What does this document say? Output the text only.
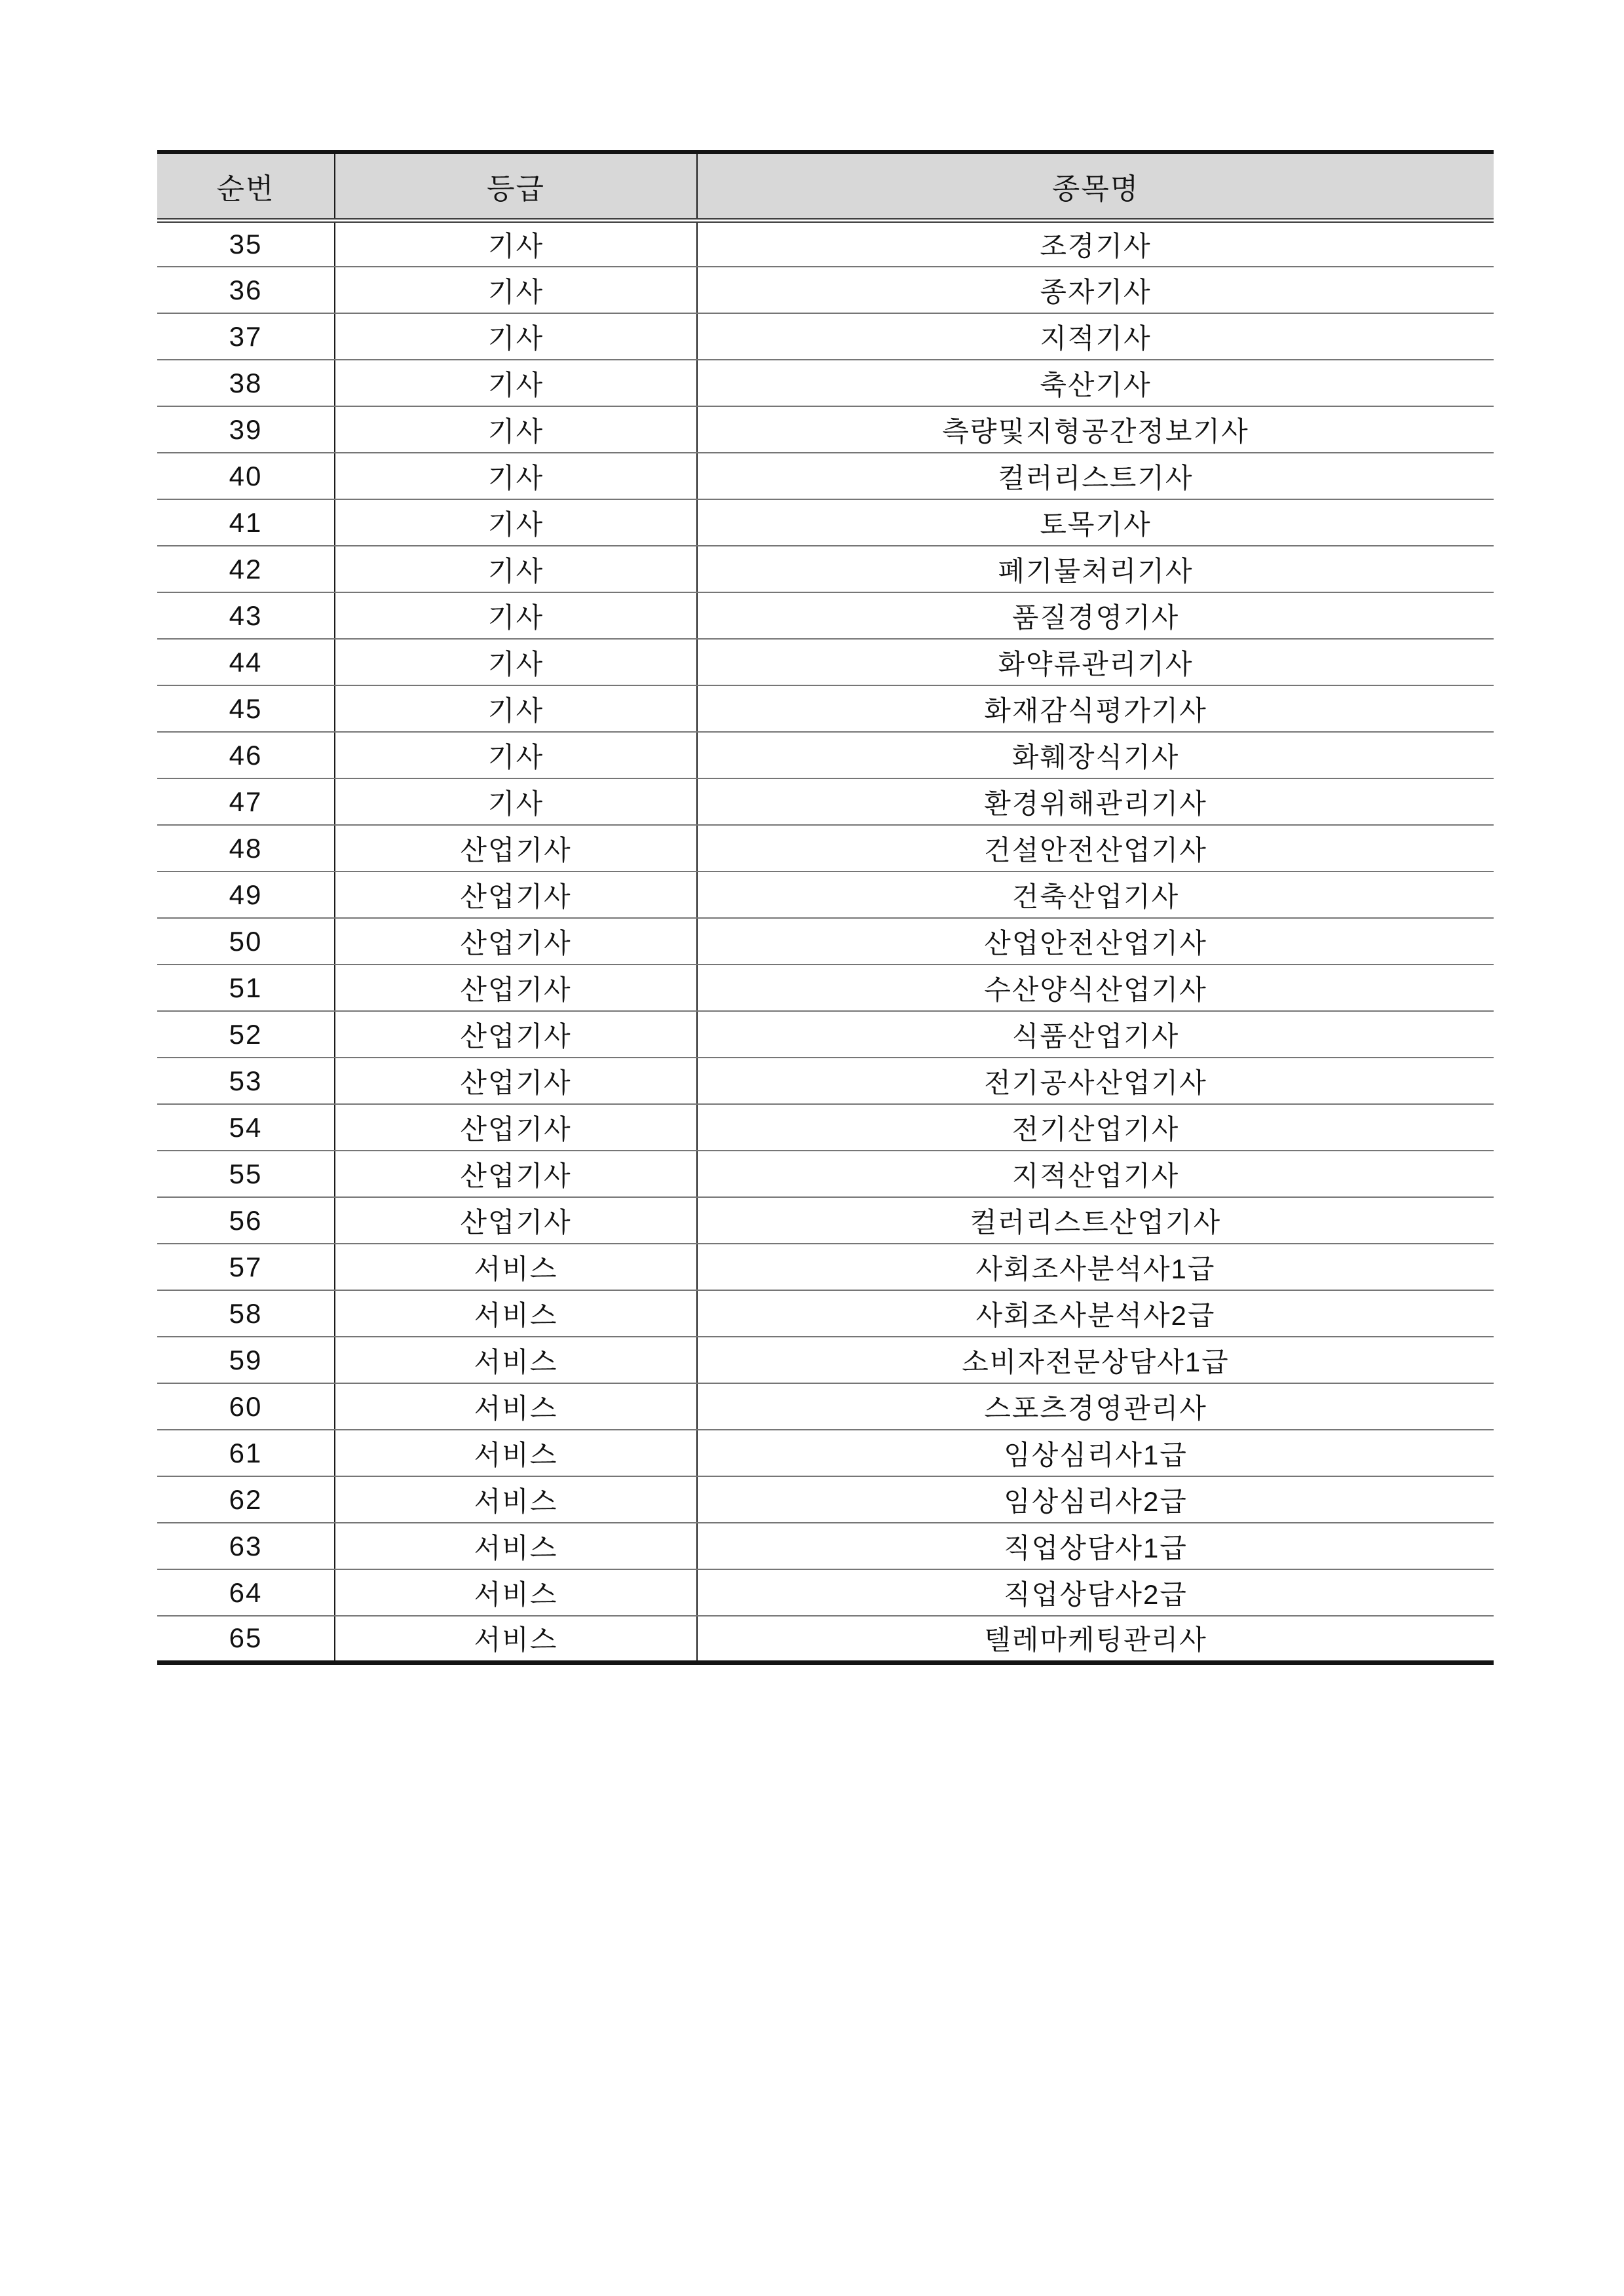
순번	등급	종목명
35	기사	조경기사
36	기사	종자기사
37	기사	지적기사
38	기사	축산기사
39	기사	측량및지형공간정보기사
40	기사	컬러리스트기사
41	기사	토목기사
42	기사	폐기물처리기사
43	기사	품질경영기사
44	기사	화약류관리기사
45	기사	화재감식평가기사
46	기사	화훼장식기사
47	기사	환경위해관리기사
48	산업기사	건설안전산업기사
49	산업기사	건축산업기사
50	산업기사	산업안전산업기사
51	산업기사	수산양식산업기사
52	산업기사	식품산업기사
53	산업기사	전기공사산업기사
54	산업기사	전기산업기사
55	산업기사	지적산업기사
56	산업기사	컬러리스트산업기사
57	서비스	사회조사분석사1급
58	서비스	사회조사분석사2급
59	서비스	소비자전문상담사1급
60	서비스	스포츠경영관리사
61	서비스	임상심리사1급
62	서비스	임상심리사2급
63	서비스	직업상담사1급
64	서비스	직업상담사2급
65	서비스	텔레마케팅관리사
